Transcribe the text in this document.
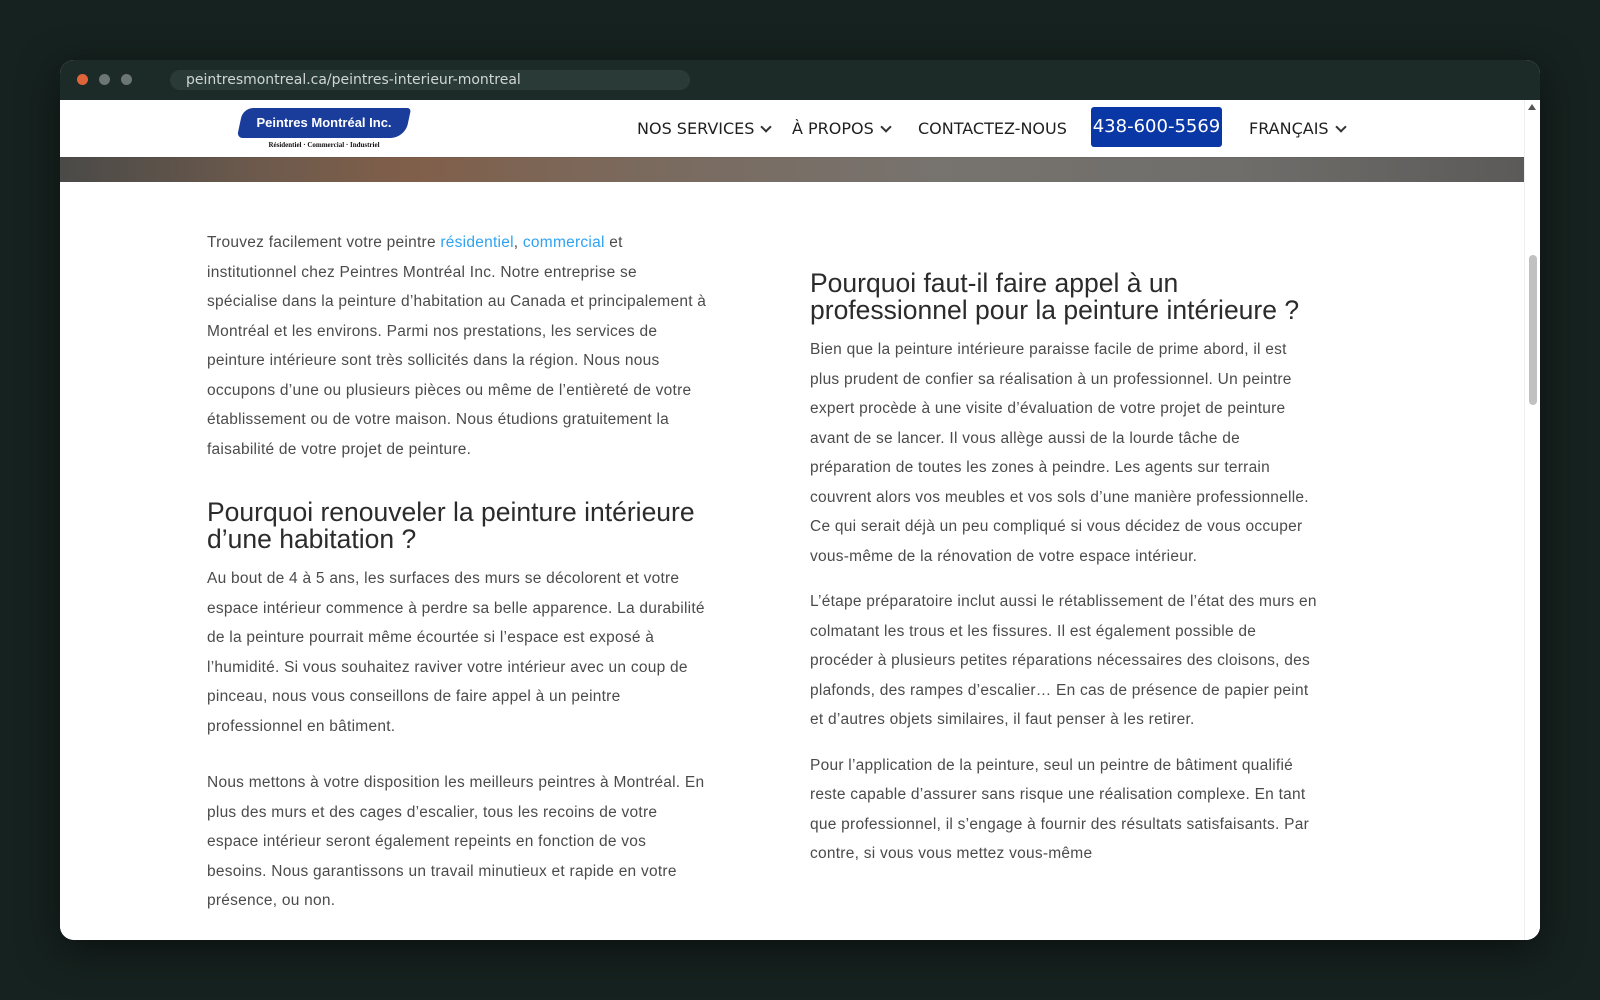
peintresmontreal.ca/peintres-interieur-montreal
Peintres Montréal Inc.
Résidentiel · Commercial · Industriel
NOS SERVICES À PROPOS	CONTACTEZ-NOUS 438-600-5569 FRANÇAIS

Trouvez facilement votre peintre résidentiel, commercial et institutionnel chez Peintres Montréal Inc. Notre entreprise se spécialise dans la peinture d’habitation au Canada et principalement à Montréal et les environs. Parmi nos prestations, les services de peinture intérieure sont très sollicités dans la région. Nous nous occupons d’une ou plusieurs pièces ou même de l’entièreté de votre établissement ou de votre maison. Nous étudions gratuitement la faisabilité de votre projet de peinture.

Pourquoi renouveler la peinture intérieure d’une habitation ?

Au bout de 4 à 5 ans, les surfaces des murs se décolorent et votre espace intérieur commence à perdre sa belle apparence. La durabilité de la peinture pourrait même écourtée si l’espace est exposé à l’humidité. Si vous souhaitez raviver votre intérieur avec un coup de pinceau, nous vous conseillons de faire appel à un peintre professionnel en bâtiment.

Nous mettons à votre disposition les meilleurs peintres à Montréal. En plus des murs et des cages d’escalier, tous les recoins de votre espace intérieur seront également repeints en fonction de vos besoins. Nous garantissons un travail minutieux et rapide en votre présence, ou non.

Pourquoi faut-il faire appel à un professionnel pour la peinture intérieure ?

Bien que la peinture intérieure paraisse facile de prime abord, il est plus prudent de confier sa réalisation à un professionnel. Un peintre expert procède à une visite d’évaluation de votre projet de peinture avant de se lancer. Il vous allège aussi de la lourde tâche de préparation de toutes les zones à peindre. Les agents sur terrain couvrent alors vos meubles et vos sols d’une manière professionnelle. Ce qui serait déjà un peu compliqué si vous décidez de vous occuper vous-même de la rénovation de votre espace intérieur.

L’étape préparatoire inclut aussi le rétablissement de l’état des murs en colmatant les trous et les fissures. Il est également possible de procéder à plusieurs petites réparations nécessaires des cloisons, des plafonds, des rampes d’escalier… En cas de présence de papier peint et d’autres objets similaires, il faut penser à les retirer.

Pour l’application de la peinture, seul un peintre de bâtiment qualifié reste capable d’assurer sans risque une réalisation complexe. En tant que professionnel, il s’engage à fournir des résultats satisfaisants. Par contre, si vous vous mettez vous-même
